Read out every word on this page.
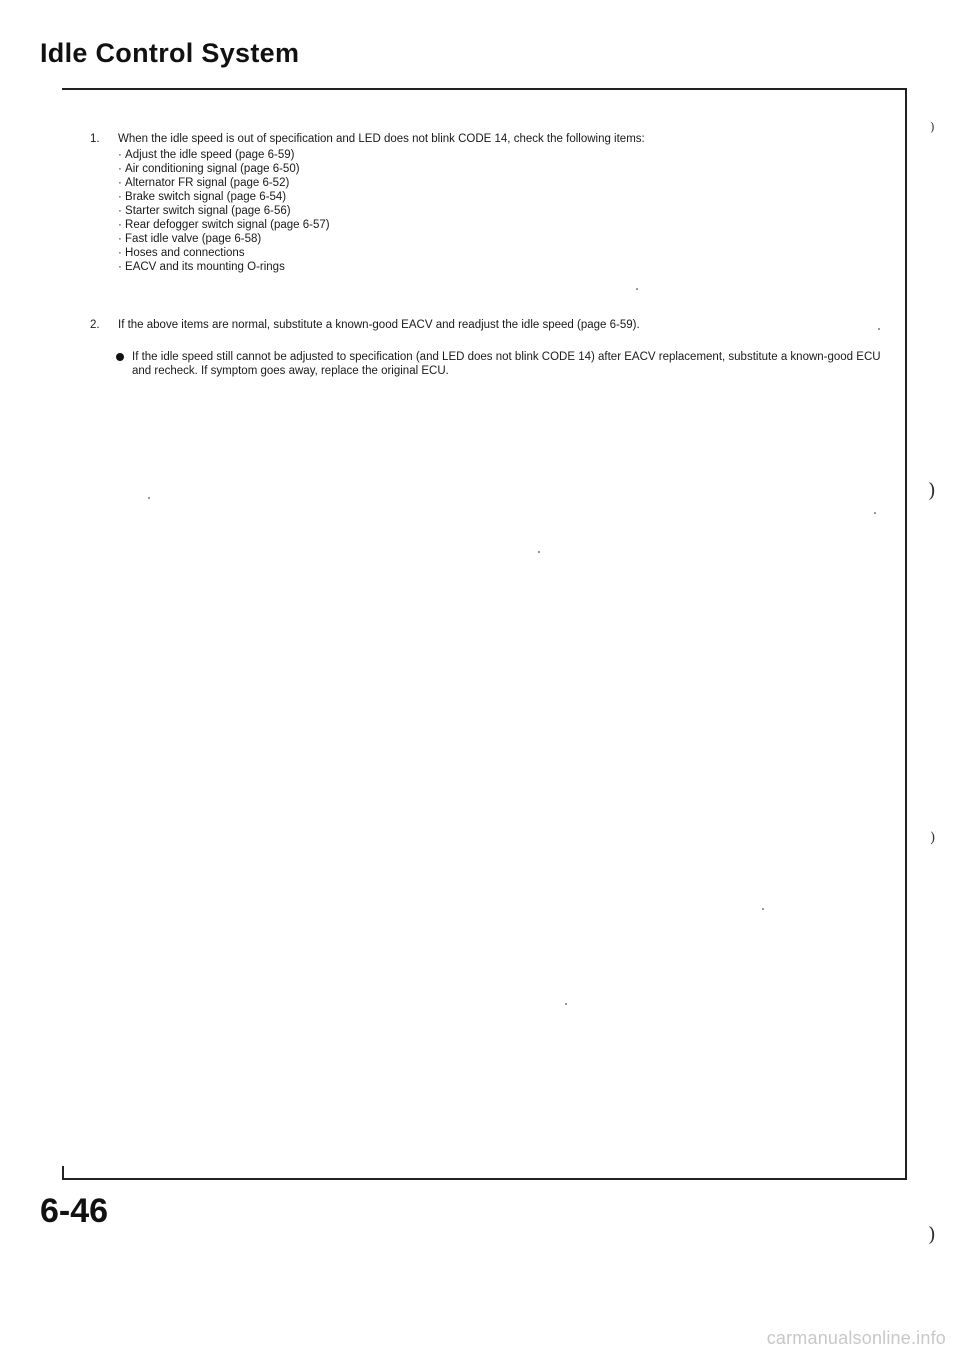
Idle Control System
1.	When the idle speed is out of specification and LED does not blink CODE 14, check the following items:
· Adjust the idle speed (page 6-59)
· Air conditioning signal (page 6-50)
· Alternator FR signal (page 6-52)
· Brake switch signal (page 6-54)
· Starter switch signal (page 6-56)
· Rear defogger switch signal (page 6-57)
· Fast idle valve (page 6-58)
· Hoses and connections
· EACV and its mounting O-rings
2.	If the above items are normal, substitute a known-good EACV and readjust the idle speed (page 6-59).
If the idle speed still cannot be adjusted to specification (and LED does not blink CODE 14) after EACV replacement, substitute a known-good ECU and recheck. If symptom goes away, replace the original ECU.
6-46
)
)
)
)
carmanualsonline.info
